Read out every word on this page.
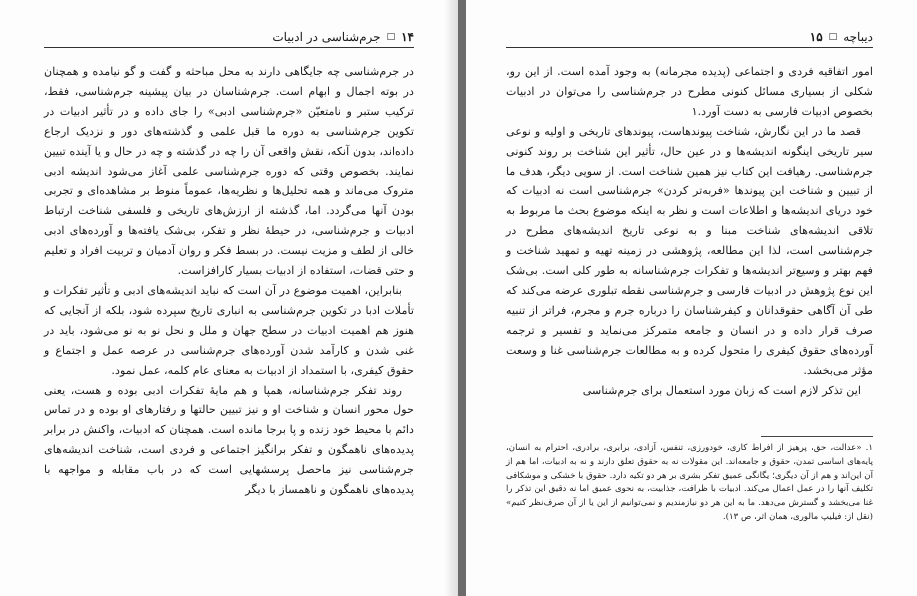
۱۴
□
جرم‌شناسی در ادبیات

در جرم‌شناسی چه جایگاهی دارند به محل مباحثه و گفت و گو نیامده و همچنان در بوته اجمال و ابهام است. جرم‌شناسان در بیان پیشینه جرم‌شناسی، فقط، ترکیب ستبر و نامتعیّن «جرم‌شناسی ادبی» را جای داده و در تأثیر ادبیات در تکوین جرم‌شناسی به دوره ما قبل علمی و گذشته‌های دور و نزدیک ارجاع داده‌اند، بدون آنکه، نقش واقعی آن را چه در گذشته و چه در حال و یا آینده تبیین نمایند. بخصوص وقتی که دوره جرم‌شناسی علمی آغاز می‌شود اندیشه ادبی متروک می‌ماند و همه تحلیل‌ها و نظریه‌ها، عموماً منوط بر مشاهده‌ای و تجربی بودن آنها می‌گردد. اما، گذشته از ارزش‌های تاریخی و فلسفی شناخت ارتباط ادبیات و جرم‌شناسی، در حیطهٔ نظر و تفکر، بی‌شک یافته‌ها و آورده‌های ادبی خالی از لطف و مزیت نیست. در بسط فکر و روان آدمیان و تربیت افراد و تعلیم و حتی قضات، استفاده از ادبیات بسیار کارافزاست.

بنابراین، اهمیت موضوع در آن است که نباید اندیشه‌های ادبی و تأثیر تفکرات و تأملات ادبا در تکوین جرم‌شناسی به انباری تاریخ سپرده شود، بلکه از آنجایی که هنوز هم اهمیت ادبیات در سطح جهان و ملل و نحل نو به نو می‌شود، باید در غنی شدن و کارآمد شدن آورده‌های جرم‌شناسی در عرصه عمل و اجتماع و حقوق کیفری، با استمداد از ادبیات به معنای عام کلمه، عمل نمود.

روند تفکر جرم‌شناسانه، همپا و هم مایهٔ تفکرات ادبی بوده و هست، یعنی حول محور انسان و شناخت او و نیز تبیین حالتها و رفتارهای او بوده و در تماس دائم با محیط خود زنده و پا برجا مانده است. همچنان که ادبیات، واکنش در برابر پدیده‌های ناهمگون و تفکر برانگیز اجتماعی و فردی است، شناخت اندیشه‌های جرم‌شناسی نیز ماحصل پرسشهایی است که در باب مقابله و مواجهه با پدیده‌های ناهمگون و ناهمساز با دیگر

دیباچه
□
۱۵

امور اتفاقیه فردی و اجتماعی (پدیده مجرمانه) به وجود آمده است. از این رو، شکلی از بسیاری مسائل کنونی مطرح در جرم‌شناسی را می‌توان در ادبیات بخصوص ادبیات فارسی به دست آورد.۱

قصد ما در این نگارش، شناخت پیوندهاست، پیوندهای تاریخی و اولیه و نوعی سیر تاریخی اینگونه اندیشه‌ها و در عین حال، تأثیر این شناخت بر روند کنونی جرم‌شناسی. رهیافت این کتاب نیز همین شناخت است. از سویی دیگر، هدف ما از تبیین و شناخت این پیوندها «فربه‌تر کردن» جرم‌شناسی است نه ادبیات که خود دریای اندیشه‌ها و اطلاعات است و نظر به اینکه موضوع بحث ما مربوط به تلاقی اندیشه‌های شناخت مبنا و به نوعی تاریخ اندیشه‌های مطرح در جرم‌شناسی است، لذا این مطالعه، پژوهشی در زمینه تهیه و تمهید شناخت و فهم بهتر و وسیع‌تر اندیشه‌ها و تفکرات جرم‌شناسانه به طور کلی است. بی‌شک این نوع پژوهش در ادبیات فارسی و جرم‌شناسی نقطه تبلوری عرضه می‌کند که طی آن آگاهی حقوقدانان و کیفرشناسان را درباره جرم و مجرم، فراتر از تنبیه صرف قرار داده و در انسان و جامعه متمرکز می‌نماید و تفسیر و ترجمه آورده‌های حقوق کیفری را متحول کرده و به مطالعات جرم‌شناسی غنا و وسعت مؤثر می‌بخشد.

این تذکر لازم است که زبان مورد استعمال برای جرم‌شناسی

۱. «عدالت، حق، پرهیز از افراط کاری، خودورزی، تنفس، آزادی، برابری، برادری، احترام به انسان، پایه‌های اساسی تمدن، حقوق و جامعه‌اند. این مقولات نه به حقوق تعلق دارند و نه به ادبیات، اما هم از آن این‌اند و هم از آن دیگری؛ یگانگی عمیق تفکر بشری بر هر دو تکیه دارد. حقوق با خشکی و موشکافی تکلیف آنها را در عمل اعمال می‌کند. ادبیات با ظرافت، جذابیت، به نحوی عمیق اما نه دقیق این تذکر را غنا می‌بخشد و گسترش می‌دهد. ما به این هر دو نیازمندیم و نمی‌توانیم از این یا از آن صرف‌نظر کنیم» (نقل از: فیلیپ مالوری، همان اثر، ص ۱۳).
